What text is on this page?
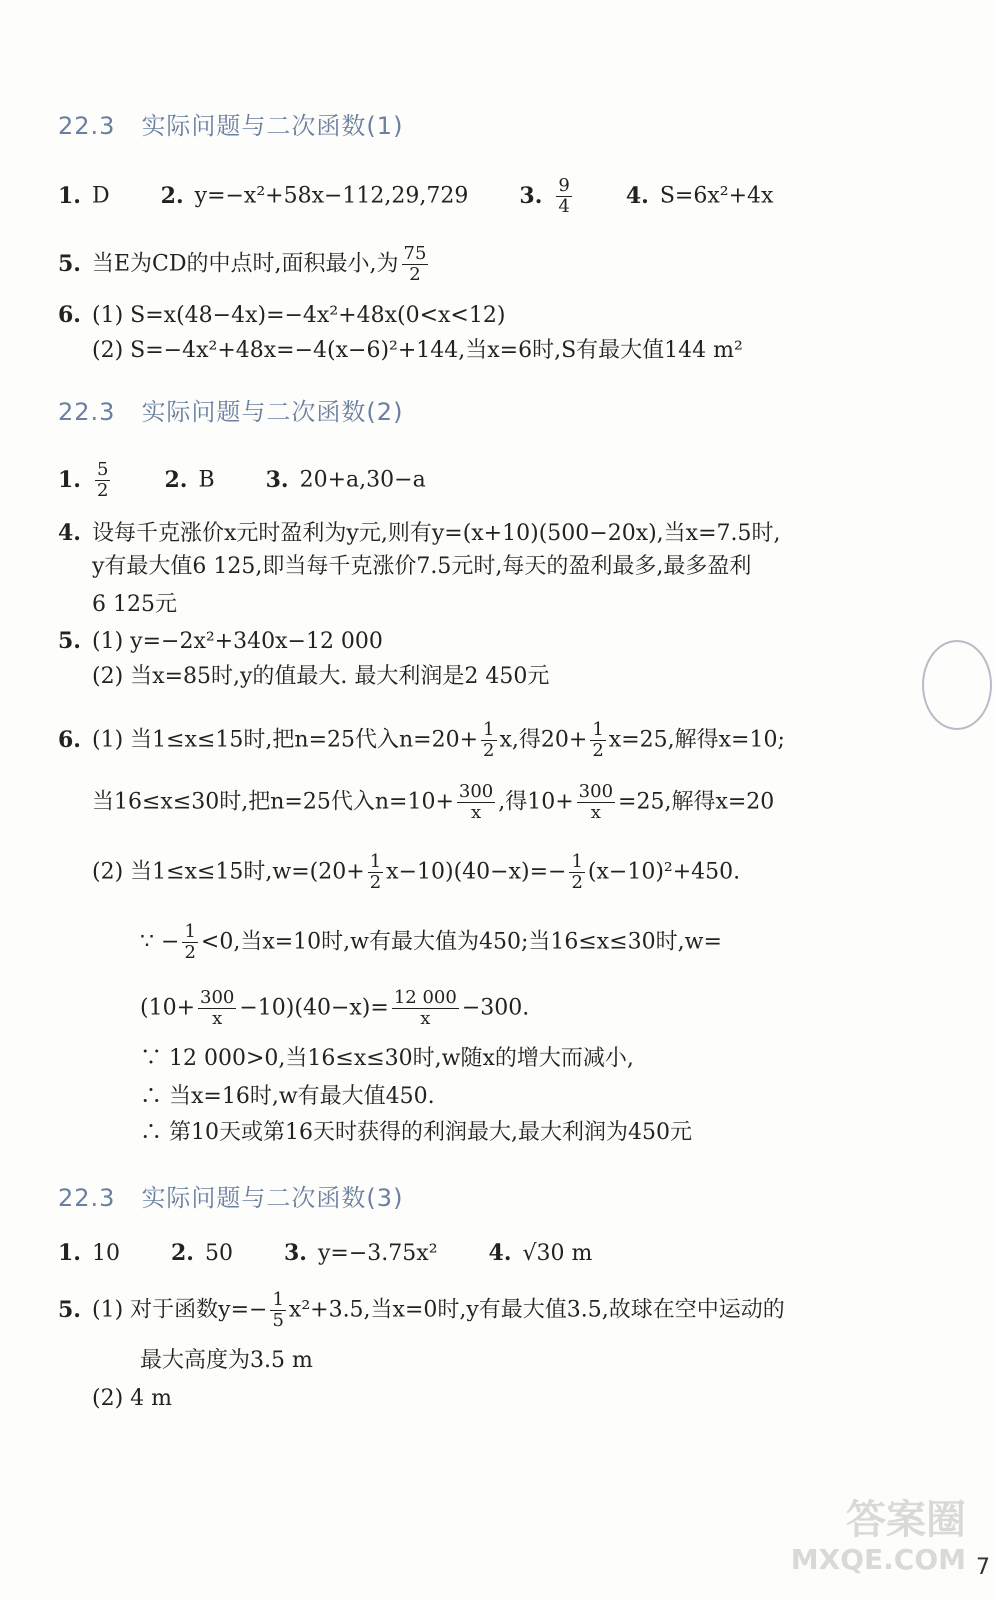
22.3 实际问题与二次函数(1)
1. D 2. y=−x²+58x−112,29,729 3. $\frac{9}{4} 4$. S=6x²+4x
5. 当E为CD的中点时,面积最小,为 $\frac{75}{2}$
6. (1) S=x(48−4x)=−4x²+48x(0<x<12)
(2) S=−4x²+48x=−4(x−6)²+144,当x=6时,S有最大值144 m²
22.3 实际问题与二次函数(2)
1. $\frac{5}{2} 2$. B 3. 20+a,30−a
4. 设每千克涨价x元时盈利为y元,则有y=(x+10)(500−20x),当x=7.5时,
y有最大值6 125,即当每千克涨价7.5元时,每天的盈利最多,最多盈利
6 125元
5. (1) y=−2x²+340x−12 000
(2) 当x=85时,y的值最大. 最大利润是2 450元
6. (1) 当1≤x≤15时,把n=25代入$n=20+ \frac{1}{2} x$,得$20+ \frac{1}{2} x=25$,解得x=10;
当16≤x≤30时,把n=25代入$n=10+ \frac{300}{x}$ ,得$10+ \frac{300}{x} =25$,解得x=20
(2) 当1≤x≤15时$,w=(20+ \frac{1}{2} x-10)(40-x)=- \frac{1}{2} (x-10)^2+450$.
∵ − $\frac{1}{2} <0$,当x=10时,w有最大值为450;当16≤x≤30时,w=
$(10+ \frac{300}{x} -10)(40-x)= \frac{12 000}{x} -300$.
∵ 12 000>0,当16≤x≤30时,w随x的增大而减小,
∴ 当x=16时,w有最大值450.
∴ 第10天或第16天时获得的利润最大,最大利润为450元
22.3 实际问题与二次函数(3)
1. 10 2. 50 3. y=−3.75x² 4. √30 m
5. (1) 对于函数$y=- \frac{1}{5} x^2+3.5$,当x=0时,y有最大值3.5,故球在空中运动的
最大高度为3.5 m
(2) 4 m
答案圈
MXQE.COM 7
